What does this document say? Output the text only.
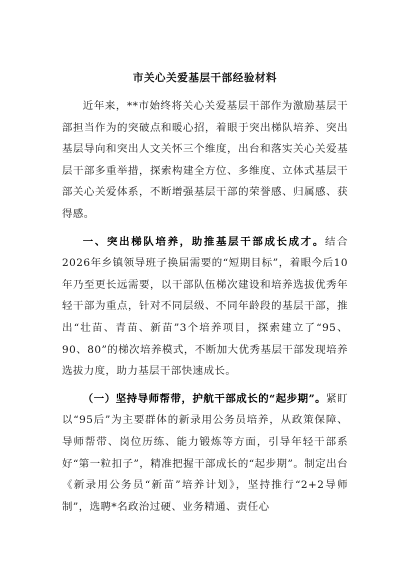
市关心关爱基层干部经验材料

近年来，**市始终将关心关爱基层干部作为激励基层干部担当作为的突破点和暖心招，着眼于突出梯队培养、突出基层导向和突出人文关怀三个维度，出台和落实关心关爱基层干部多重举措，探索构建全方位、多维度、立体式基层干部关心关爱体系，不断增强基层干部的荣誉感、归属感、获得感。

一、突出梯队培养，助推基层干部成长成才。结合2026年乡镇领导班子换届需要的“短期目标”，着眼今后10年乃至更长远需要，以干部队伍梯次建设和培养选拔优秀年轻干部为重点，针对不同层级、不同年龄段的基层干部，推出“壮苗、青苗、新苗”3个培养项目，探索建立了“95、90、80”的梯次培养模式，不断加大优秀基层干部发现培养选拔力度，助力基层干部快速成长。

（一）坚持导师帮带，护航干部成长的“起步期”。紧盯以“95后”为主要群体的新录用公务员培养，从政策保障、导师帮带、岗位历练、能力锻炼等方面，引导年轻干部系好“第一粒扣子”，精准把握干部成长的“起步期”。制定出台《新录用公务员“新苗”培养计划》，坚持推行“2+2导师制”，选聘*名政治过硬、业务精通、责任心
